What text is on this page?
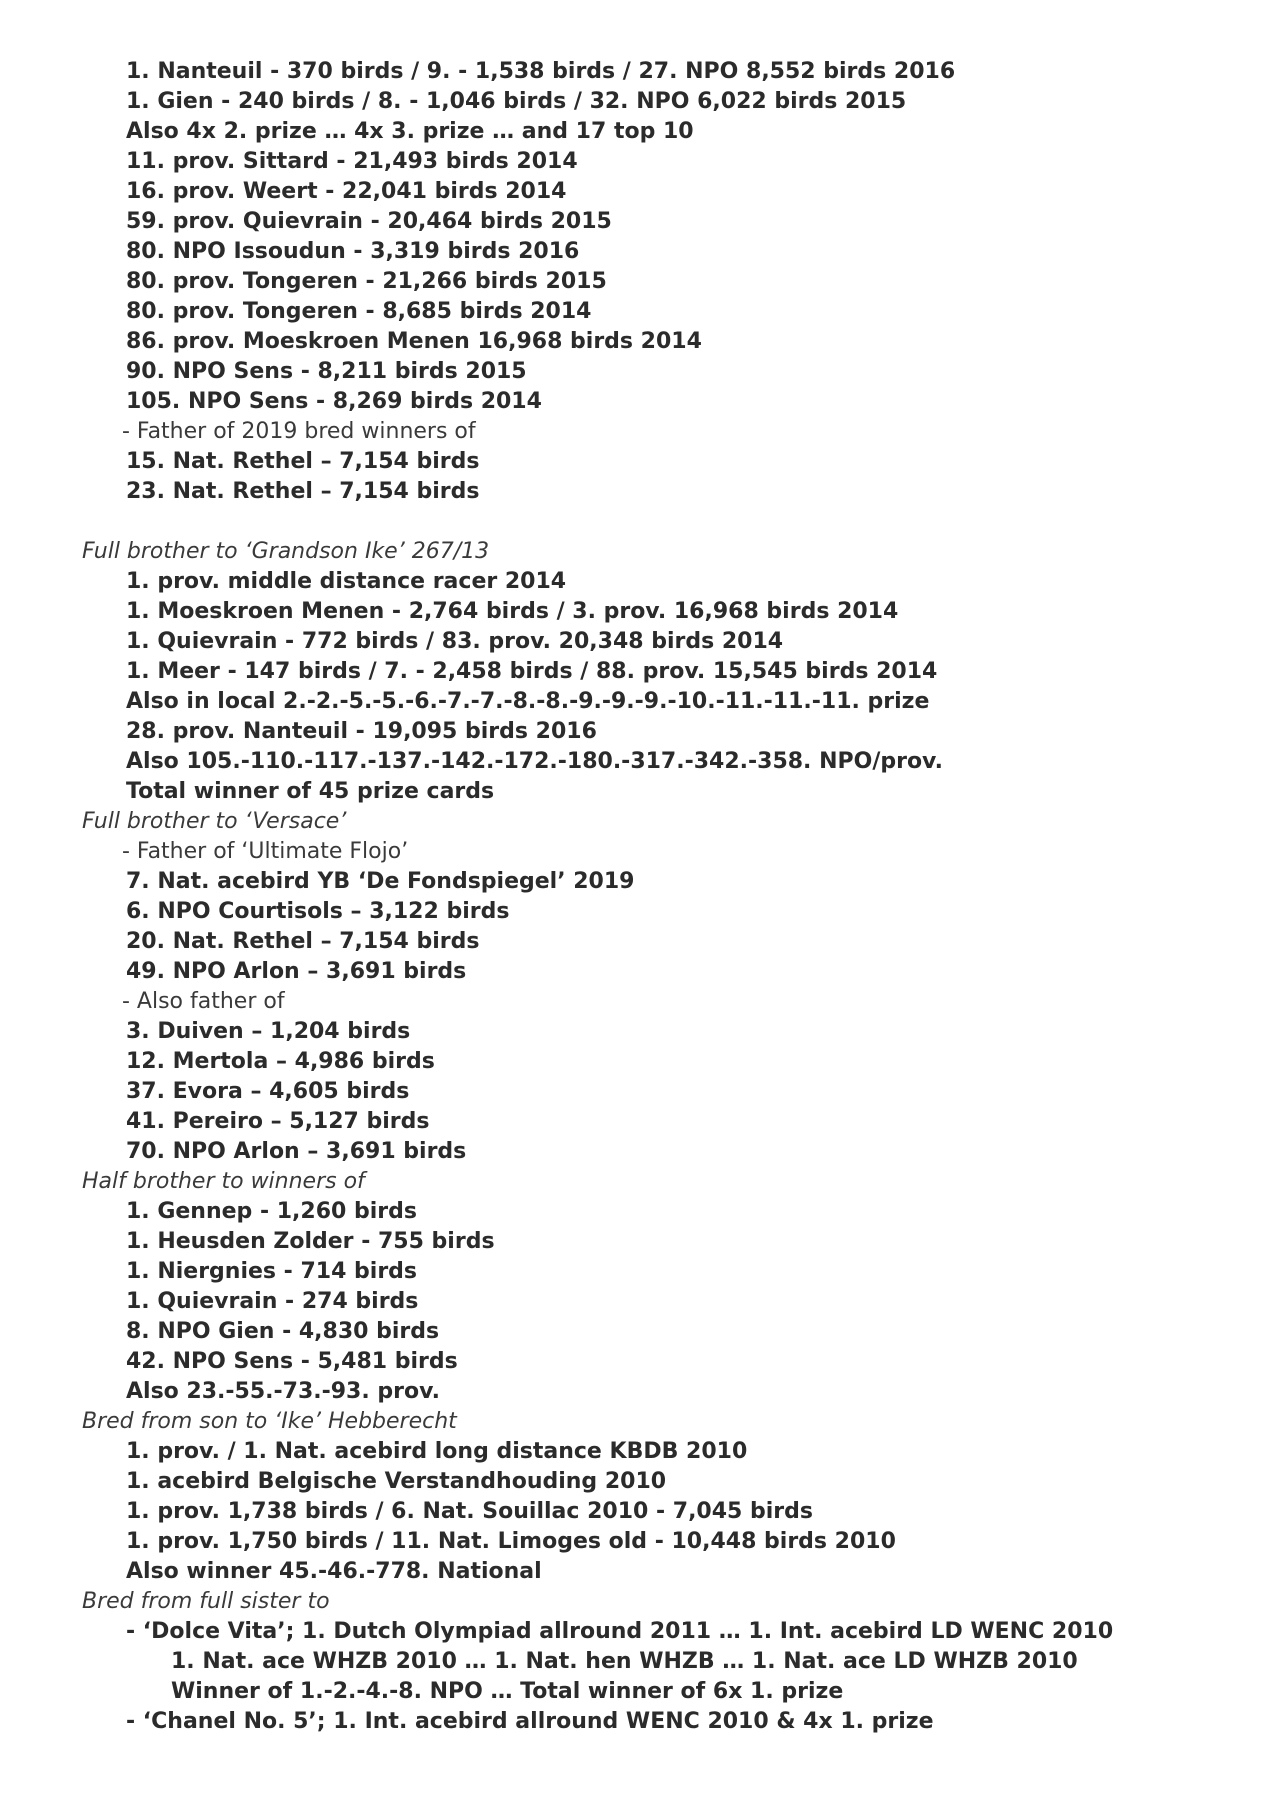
1. Nanteuil - 370 birds / 9. - 1,538 birds / 27. NPO 8,552 birds 2016
1. Gien - 240 birds / 8. - 1,046 birds / 32. NPO 6,022 birds 2015
Also 4x 2. prize … 4x 3. prize … and 17 top 10
11. prov. Sittard - 21,493 birds 2014
16. prov. Weert - 22,041 birds 2014
59. prov. Quievrain - 20,464 birds 2015
80. NPO Issoudun - 3,319 birds 2016
80. prov. Tongeren - 21,266 birds 2015
80. prov. Tongeren - 8,685 birds 2014
86. prov. Moeskroen Menen 16,968 birds 2014
90. NPO Sens - 8,211 birds 2015
105. NPO Sens - 8,269 birds 2014
- Father of 2019 bred winners of
15. Nat. Rethel – 7,154 birds
23. Nat. Rethel – 7,154 birds
Full brother to ‘Grandson Ike’ 267/13
1. prov. middle distance racer 2014
1. Moeskroen Menen - 2,764 birds / 3. prov. 16,968 birds 2014
1. Quievrain - 772 birds / 83. prov. 20,348 birds 2014
1. Meer - 147 birds / 7. - 2,458 birds / 88. prov. 15,545 birds 2014
Also in local 2.-2.-5.-5.-6.-7.-7.-8.-8.-9.-9.-9.-10.-11.-11.-11. prize
28. prov. Nanteuil - 19,095 birds 2016
Also 105.-110.-117.-137.-142.-172.-180.-317.-342.-358. NPO/prov.
Total winner of 45 prize cards
Full brother to ‘Versace’
- Father of ‘Ultimate Flojo’
7. Nat. acebird YB ‘De Fondspiegel’ 2019
6. NPO Courtisols – 3,122 birds
20. Nat. Rethel – 7,154 birds
49. NPO Arlon – 3,691 birds
- Also father of
3. Duiven – 1,204 birds
12. Mertola – 4,986 birds
37. Evora – 4,605 birds
41. Pereiro – 5,127 birds
70. NPO Arlon – 3,691 birds
Half brother to winners of
1. Gennep - 1,260 birds
1. Heusden Zolder - 755 birds
1. Niergnies - 714 birds
1. Quievrain - 274 birds
8. NPO Gien - 4,830 birds
42. NPO Sens - 5,481 birds
Also 23.-55.-73.-93. prov.
Bred from son to ‘Ike’ Hebberecht
1. prov. / 1. Nat. acebird long distance KBDB 2010
1. acebird Belgische Verstandhouding 2010
1. prov. 1,738 birds / 6. Nat. Souillac 2010 - 7,045 birds
1. prov. 1,750 birds / 11. Nat. Limoges old - 10,448 birds 2010
Also winner 45.-46.-778. National
Bred from full sister to
- ‘Dolce Vita’; 1. Dutch Olympiad allround 2011 … 1. Int. acebird LD WENC 2010
1. Nat. ace WHZB 2010 … 1. Nat. hen WHZB … 1. Nat. ace LD WHZB 2010
Winner of 1.-2.-4.-8. NPO … Total winner of 6x 1. prize
- ‘Chanel No. 5’; 1. Int. acebird allround WENC 2010 & 4x 1. prize
